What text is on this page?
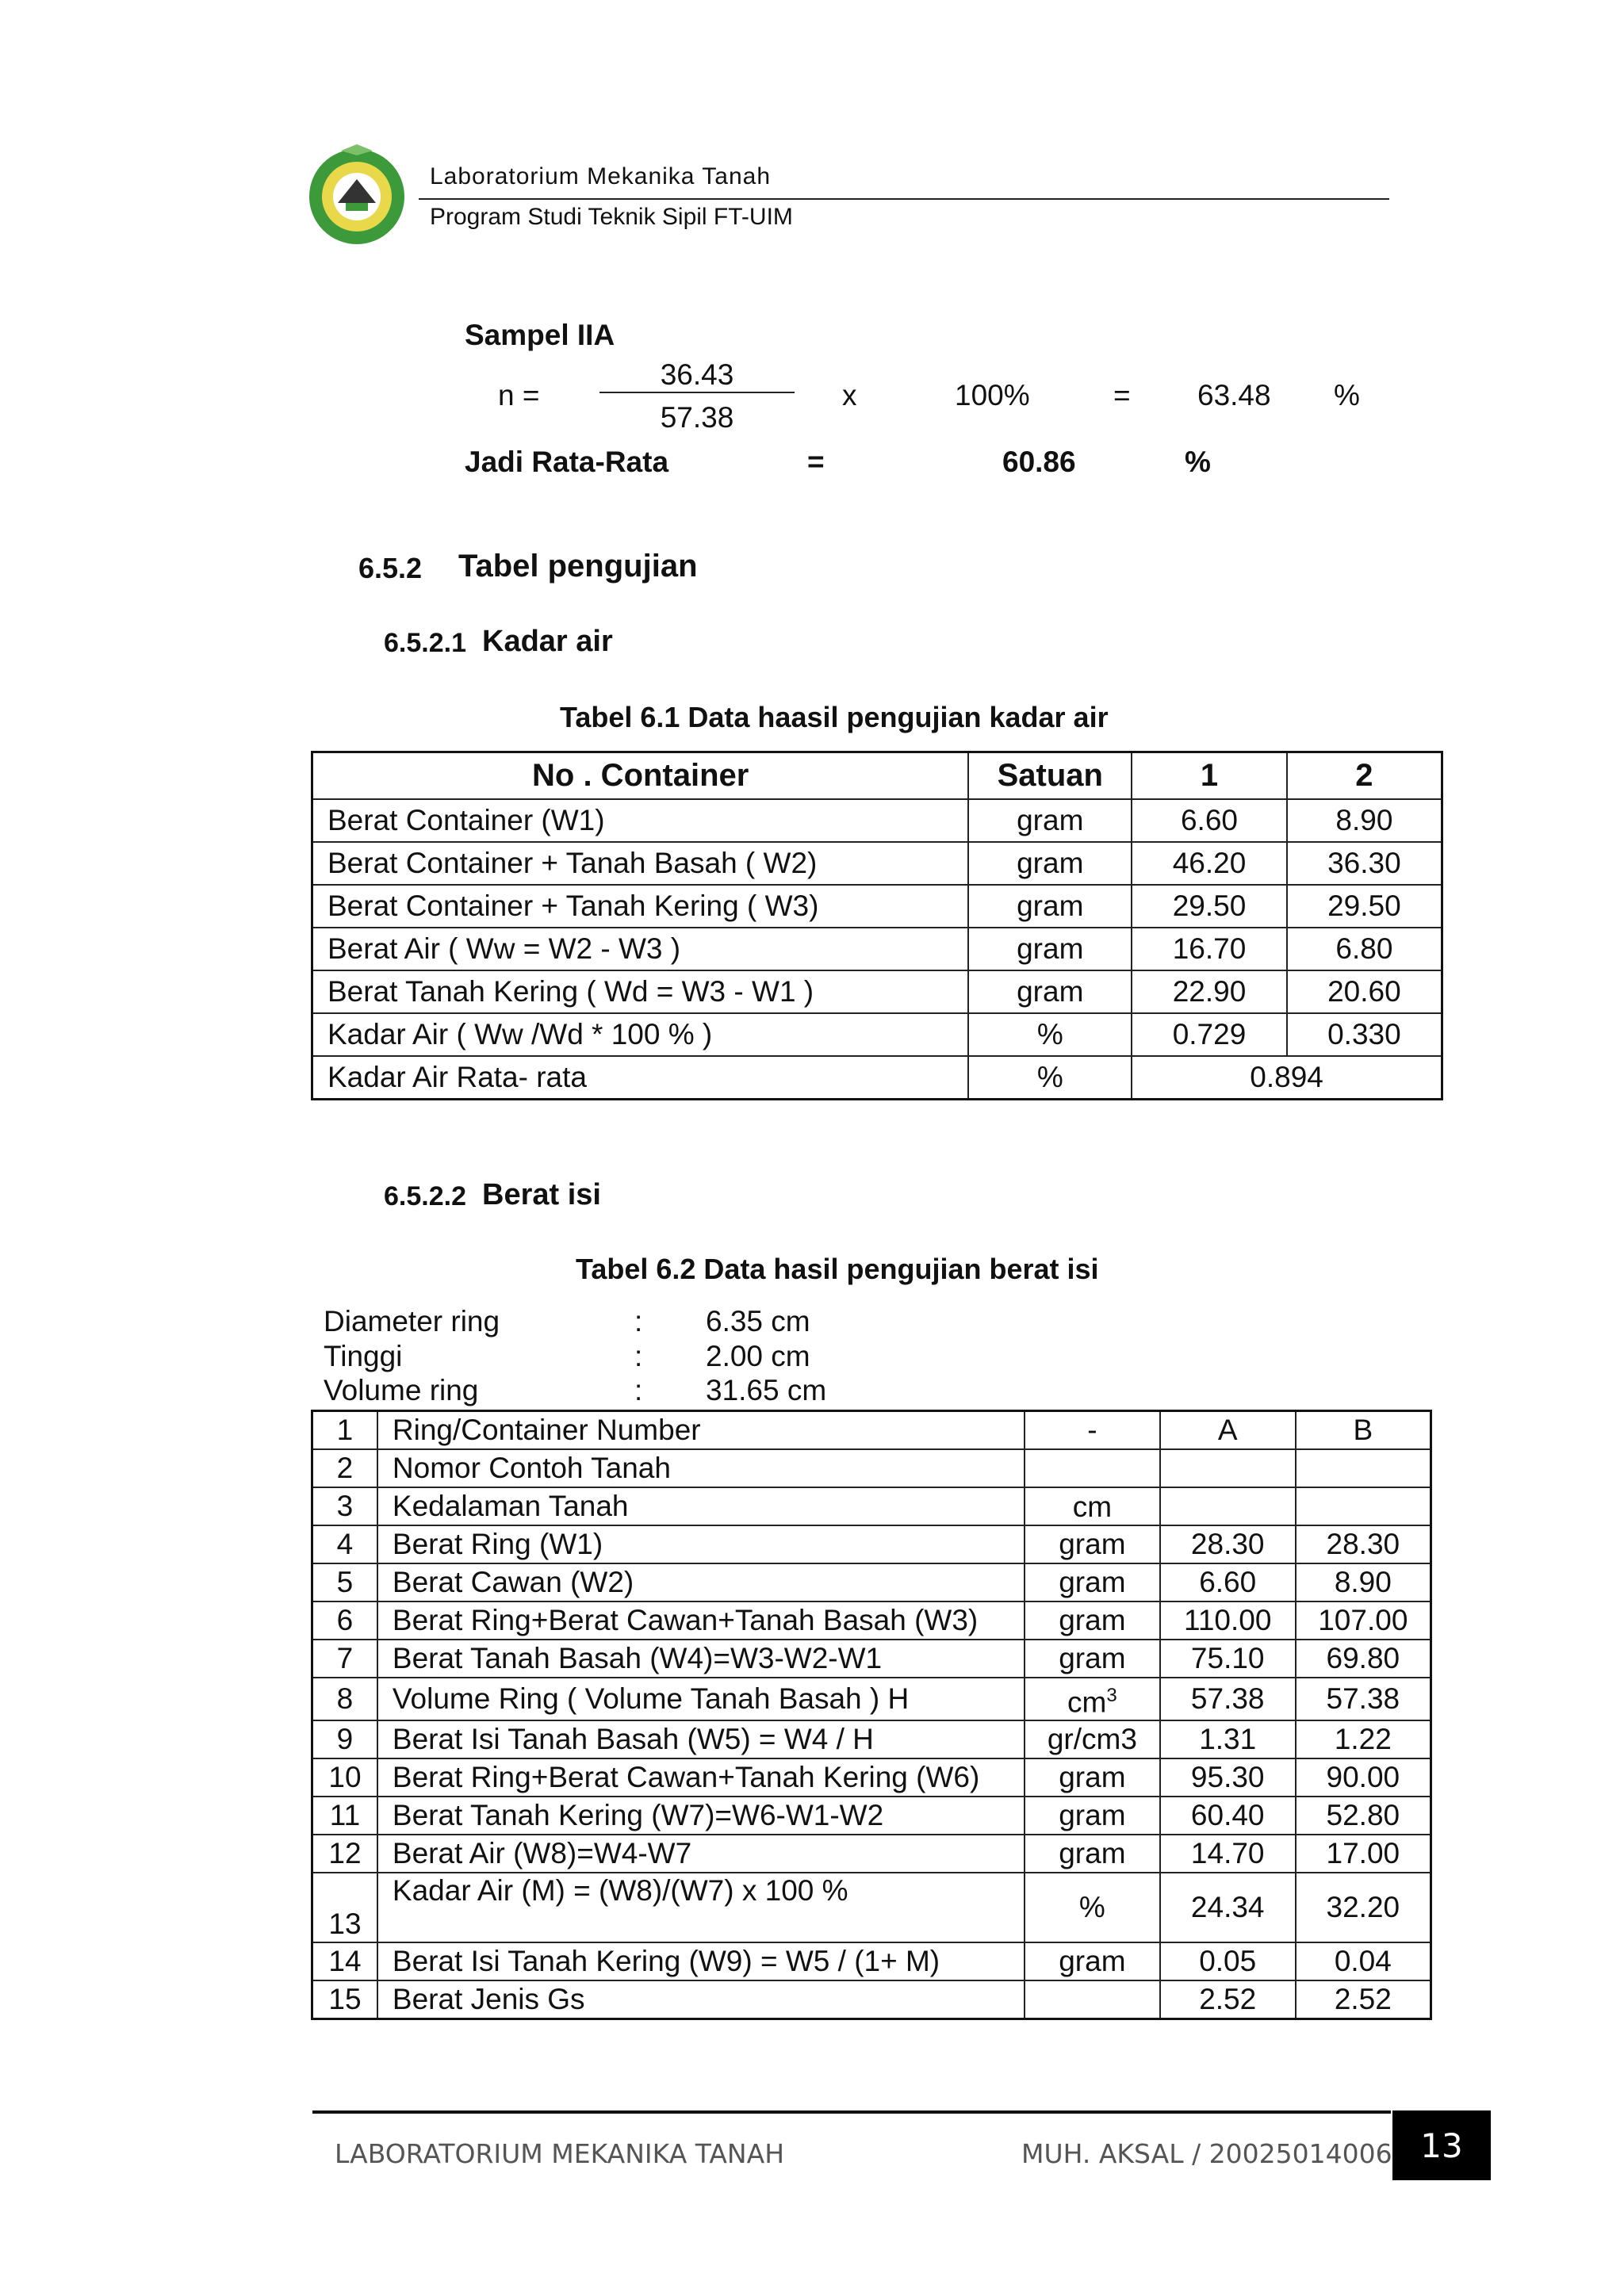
Laboratorium Mekanika Tanah
Program Studi Teknik Sipil FT-UIM
Sampel IIA
n =
36.43
57.38
x	100%	= 63.48 %
Jadi Rata-Rata	=	60.86	%
6.5.2 Tabel pengujian
6.5.2.1 Kadar air
Tabel 6.1 Data haasil pengujian kadar air
No . Container	Satuan	1	2
Berat Container (W1)	gram	6.60	8.90
Berat Container + Tanah Basah ( W2)	gram	46.20	36.30
Berat Container + Tanah Kering ( W3)	gram	29.50	29.50
Berat Air ( Ww = W2 - W3 )	gram	16.70	6.80
Berat Tanah Kering ( Wd = W3 - W1 )	gram	22.90	20.60
Kadar Air ( Ww /Wd * 100 % )	%	0.729	0.330
Kadar Air Rata- rata	%	0.894	
6.5.2.2 Berat isi
Tabel 6.2 Data hasil pengujian berat isi
Diameter ring	: 6.35 cm
Tinggi	: 2.00 cm
Volume ring	: 31.65 cm
1	Ring/Container Number	-	A	B
2	Nomor Contoh Tanah			
3	Kedalaman Tanah	cm		
4	Berat Ring (W1)	gram	28.30	28.30
5	Berat Cawan (W2)	gram	6.60	8.90
6	Berat Ring+Berat Cawan+Tanah Basah (W3)	gram	110.00	107.00
7	Berat Tanah Basah (W4)=W3-W2-W1	gram	75.10	69.80
8	Volume Ring ( Volume Tanah Basah ) H	$cm^3$	57.38	57.38
9	Berat Isi Tanah Basah (W5) = W4 / H	gr/cm3	1.31	1.22
10	Berat Ring+Berat Cawan+Tanah Kering (W6)	gram	95.30	90.00
11	Berat Tanah Kering (W7)=W6-W1-W2	gram	60.40	52.80
12	Berat Air (W8)=W4-W7	gram	14.70	17.00
13	Kadar Air (M) = (W8)/(W7) x 100 %	%	24.34	32.20
14	Berat Isi Tanah Kering (W9) = W5 / (1+ M)	gram	0.05	0.04
15	Berat Jenis Gs		2.52	2.52
LABORATORIUM MEKANIKA TANAH	MUH. AKSAL / 20025014006 13
